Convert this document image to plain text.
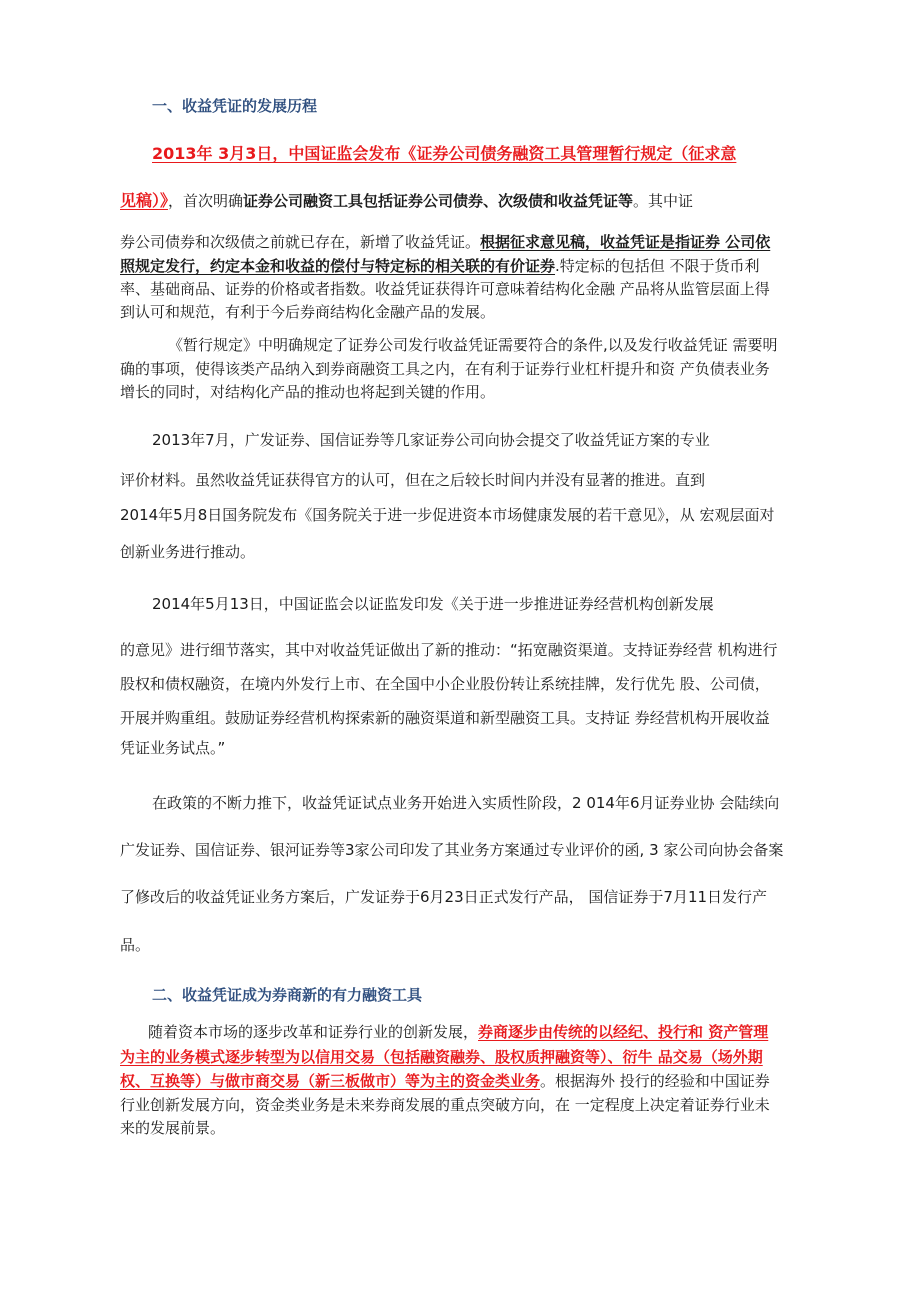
一、收益凭证的发展历程
2013年 3月3日，中国证监会发布《证券公司债务融资工具管理暂行规定（征求意
见稿）》，首次明确证券公司融资工具包括证券公司债券、次级债和收益凭证等。其中证
券公司债券和次级债之前就已存在，新增了收益凭证。根据征求意见稿，收益凭证是指证券 公司依
照规定发行，约定本金和收益的偿付与特定标的相关联的有价证券.特定标的包括但 不限于货币利
率、基础商品、证券的价格或者指数。收益凭证获得许可意味着结构化金融 产品将从监管层面上得
到认可和规范，有利于今后券商结构化金融产品的发展。
《暂行规定》中明确规定了证券公司发行收益凭证需要符合的条件,以及发行收益凭证 需要明
确的事项，使得该类产品纳入到券商融资工具之内，在有利于证券行业杠杆提升和资 产负债表业务
增长的同时，对结构化产品的推动也将起到关键的作用。
2013年7月，广发证券、国信证券等几家证券公司向协会提交了收益凭证方案的专业
评价材料。虽然收益凭证获得官方的认可，但在之后较长时间内并没有显著的推进。直到
2014年5月8日国务院发布《国务院关于进一步促进资本市场健康发展的若干意见》，从 宏观层面对
创新业务进行推动。
2014年5月13日，中国证监会以证监发印发《关于进一步推进证券经营机构创新发展
的意见》进行细节落实，其中对收益凭证做出了新的推动：“拓宽融资渠道。支持证券经营 机构进行
股权和债权融资，在境内外发行上市、在全国中小企业股份转让系统挂牌，发行优先 股、公司债，
开展并购重组。鼓励证券经营机构探索新的融资渠道和新型融资工具。支持证 券经营机构开展收益
凭证业务试点。”
在政策的不断力推下，收益凭证试点业务开始进入实质性阶段，2 014年6月证券业协 会陆续向
广发证券、国信证券、银河证券等3家公司印发了其业务方案通过专业评价的函, 3 家公司向协会备案
了修改后的收益凭证业务方案后，广发证券于6月23日正式发行产品， 国信证券于7月11日发行产
品。
二、收益凭证成为券商新的有力融资工具
随着资本市场的逐步改革和证券行业的创新发展，券商逐步由传统的以经纪、投行和 资产管理
为主的业务模式逐步转型为以信用交易（包括融资融券、股权质押融资等）、衍牛 品交易（场外期
权、互换等）与做市商交易（新三板做市）等为主的资金类业务。根据海外 投行的经验和中国证券
行业创新发展方向，资金类业务是未来券商发展的重点突破方向，在 一定程度上决定着证券行业未
来的发展前景。
